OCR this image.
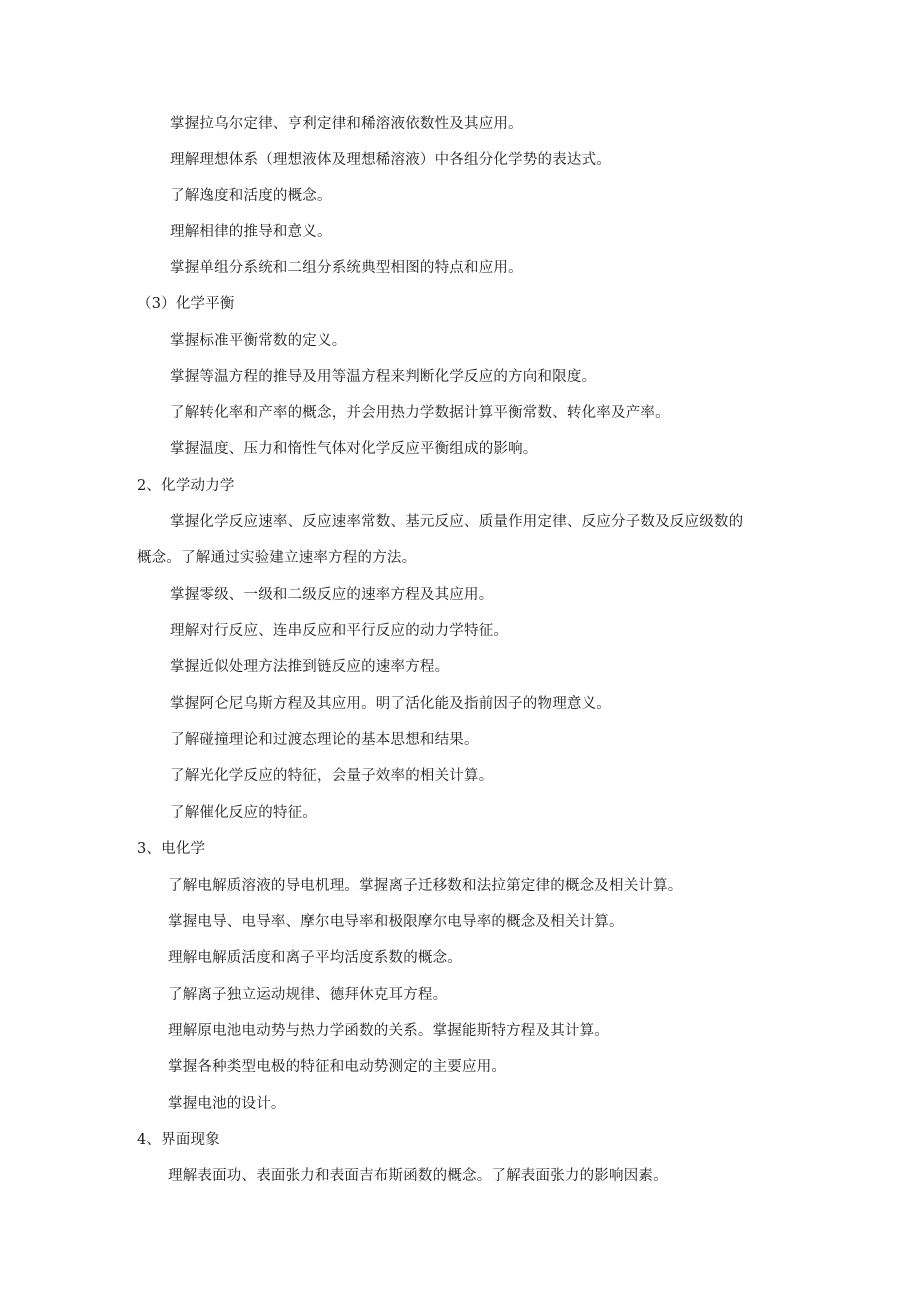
掌握拉乌尔定律、亨利定律和稀溶液依数性及其应用。
理解理想体系（理想液体及理想稀溶液）中各组分化学势的表达式。
了解逸度和活度的概念。
理解相律的推导和意义。
掌握单组分系统和二组分系统典型相图的特点和应用。
（3）化学平衡
掌握标准平衡常数的定义。
掌握等温方程的推导及用等温方程来判断化学反应的方向和限度。
了解转化率和产率的概念，并会用热力学数据计算平衡常数、转化率及产率。
掌握温度、压力和惰性气体对化学反应平衡组成的影响。
2、化学动力学
掌握化学反应速率、反应速率常数、基元反应、质量作用定律、反应分子数及反应级数的
概念。了解通过实验建立速率方程的方法。
掌握零级、一级和二级反应的速率方程及其应用。
理解对行反应、连串反应和平行反应的动力学特征。
掌握近似处理方法推到链反应的速率方程。
掌握阿仑尼乌斯方程及其应用。明了活化能及指前因子的物理意义。
了解碰撞理论和过渡态理论的基本思想和结果。
了解光化学反应的特征，会量子效率的相关计算。
了解催化反应的特征。
3、电化学
了解电解质溶液的导电机理。掌握离子迁移数和法拉第定律的概念及相关计算。
掌握电导、电导率、摩尔电导率和极限摩尔电导率的概念及相关计算。
理解电解质活度和离子平均活度系数的概念。
了解离子独立运动规律、德拜休克耳方程。
理解原电池电动势与热力学函数的关系。掌握能斯特方程及其计算。
掌握各种类型电极的特征和电动势测定的主要应用。
掌握电池的设计。
4、界面现象
理解表面功、表面张力和表面吉布斯函数的概念。了解表面张力的影响因素。
